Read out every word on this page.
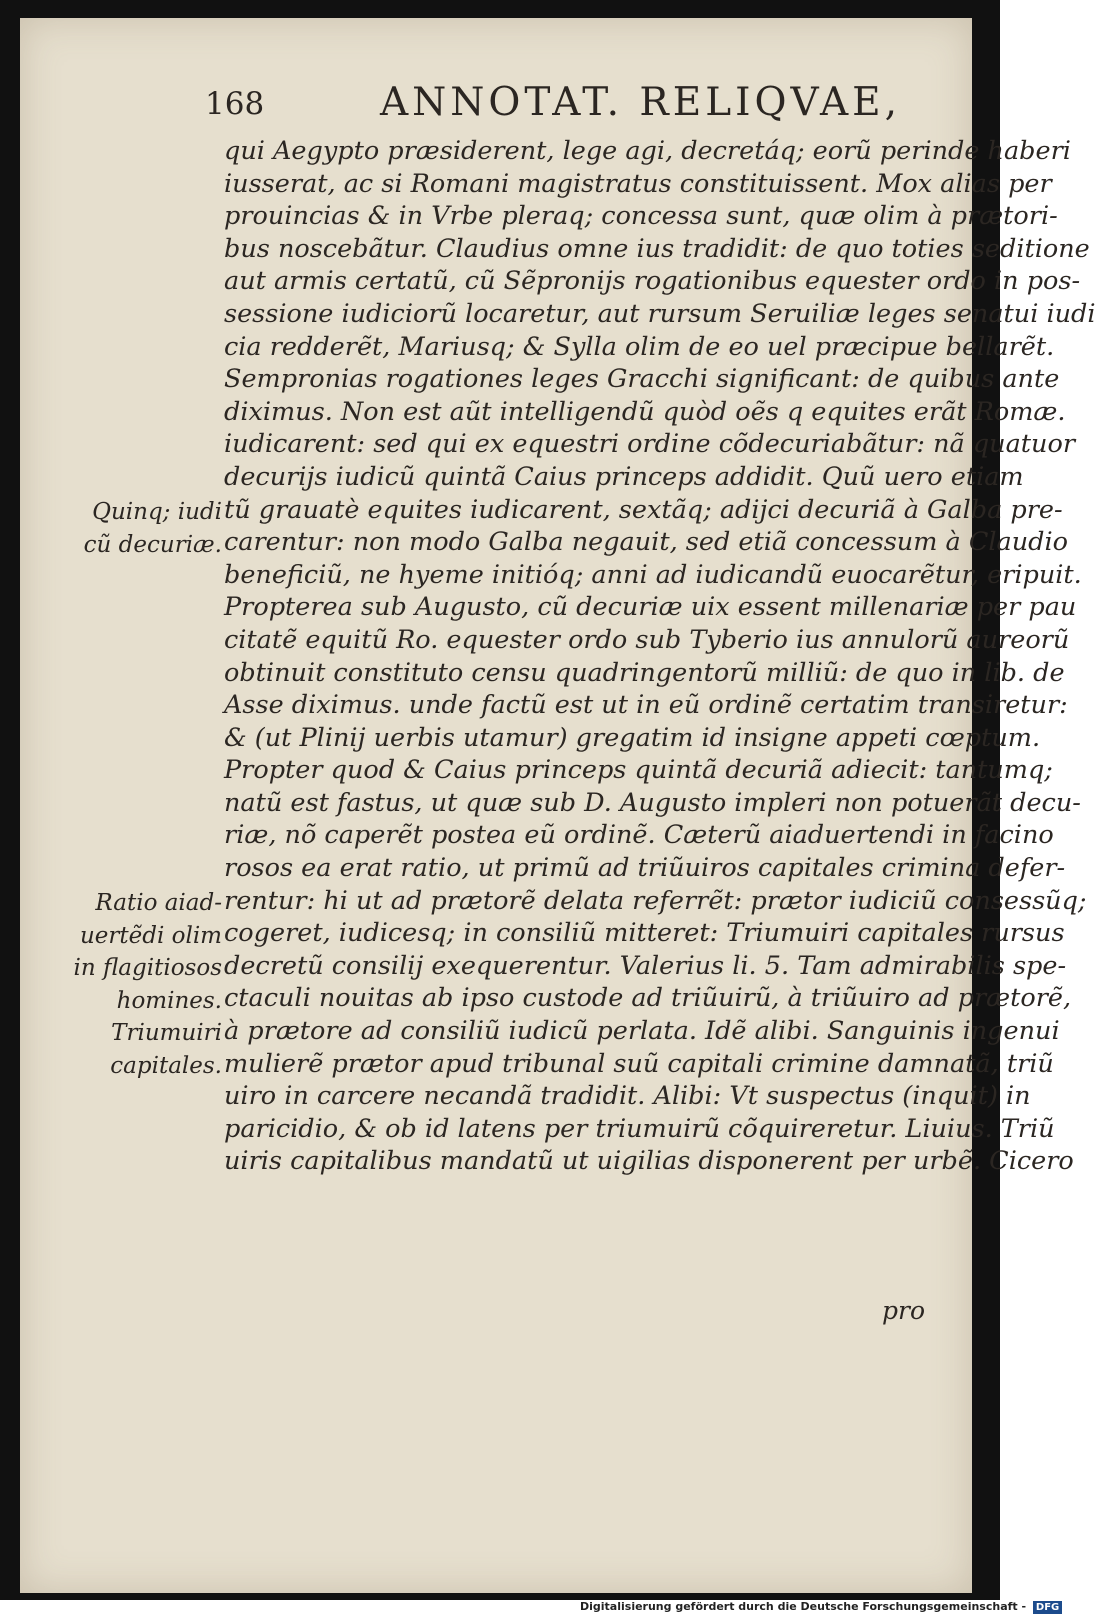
168	ANNOTAT. RELIQVAE,
qui Aegypto præsiderent, lege agi, decretáq; eorũ perinde haberi
iusserat, ac si Romani magistratus constituissent. Mox alias per
prouincias & in Vrbe pleraq; concessa sunt, quæ olim à prætori-
bus noscebãtur. Claudius omne ius tradidit: de quo toties seditione
aut armis certatũ, cũ Sẽpronijs rogationibus equester ordo in pos-
sessione iudiciorũ locaretur, aut rursum Seruiliæ leges senatui iudi
cia redderẽt, Mariusq; & Sylla olim de eo uel præcipue bellarẽt.
Sempronias rogationes leges Gracchi significant: de quibus ante
diximus. Non est aũt intelligendũ quòd oẽs q equites erãt Romæ.
iudicarent: sed qui ex equestri ordine cõdecuriabãtur: nã quatuor
decurijs iudicũ quintã Caius princeps addidit. Quũ uero etiam
tũ grauatè equites iudicarent, sextãq; adijci decuriã à Galba pre-
carentur: non modo Galba negauit, sed etiã concessum à Claudio
beneficiũ, ne hyeme initióq; anni ad iudicandũ euocarẽtur, eripuit.
Propterea sub Augusto, cũ decuriæ uix essent millenariæ per pau
citatẽ equitũ Ro. equester ordo sub Tyberio ius annulorũ aureorũ
obtinuit constituto censu quadringentorũ milliũ: de quo in lib. de
Asse diximus. unde factũ est ut in eũ ordinẽ certatim transiretur:
& (ut Plinij uerbis utamur) gregatim id insigne appeti cœptum.
Propter quod & Caius princeps quintã decuriã adiecit: tantumq;
natũ est fastus, ut quæ sub D. Augusto impleri non potuerãt decu-
riæ, nõ caperẽt postea eũ ordinẽ. Cæterũ aiaduertendi in facino
rosos ea erat ratio, ut primũ ad triũuiros capitales crimina defer-
rentur: hi ut ad prætorẽ delata referrẽt: prætor iudiciũ consessũq;
cogeret, iudicesq; in consiliũ mitteret: Triumuiri capitales rursus
decretũ consilij exequerentur. Valerius li. 5. Tam admirabilis spe-
ctaculi nouitas ab ipso custode ad triũuirũ, à triũuiro ad prætorẽ,
à prætore ad consiliũ iudicũ perlata. Idẽ alibi. Sanguinis ingenui
mulierẽ prætor apud tribunal suũ capitali crimine damnatã, triũ
uiro in carcere necandã tradidit. Alibi: Vt suspectus (inquit) in
paricidio, & ob id latens per triumuirũ cõquireretur. Liuius. Triũ
uiris capitalibus mandatũ ut uigilias disponerent per urbẽ. Cicero
pro
Quinq; iudi
cũ decuriæ.
Ratio aiad-
uertẽdi olim
in flagitiosos
homines.
Triumuiri
capitales.
Digitalisierung gefördert durch die Deutsche Forschungsgemeinschaft - DFG
